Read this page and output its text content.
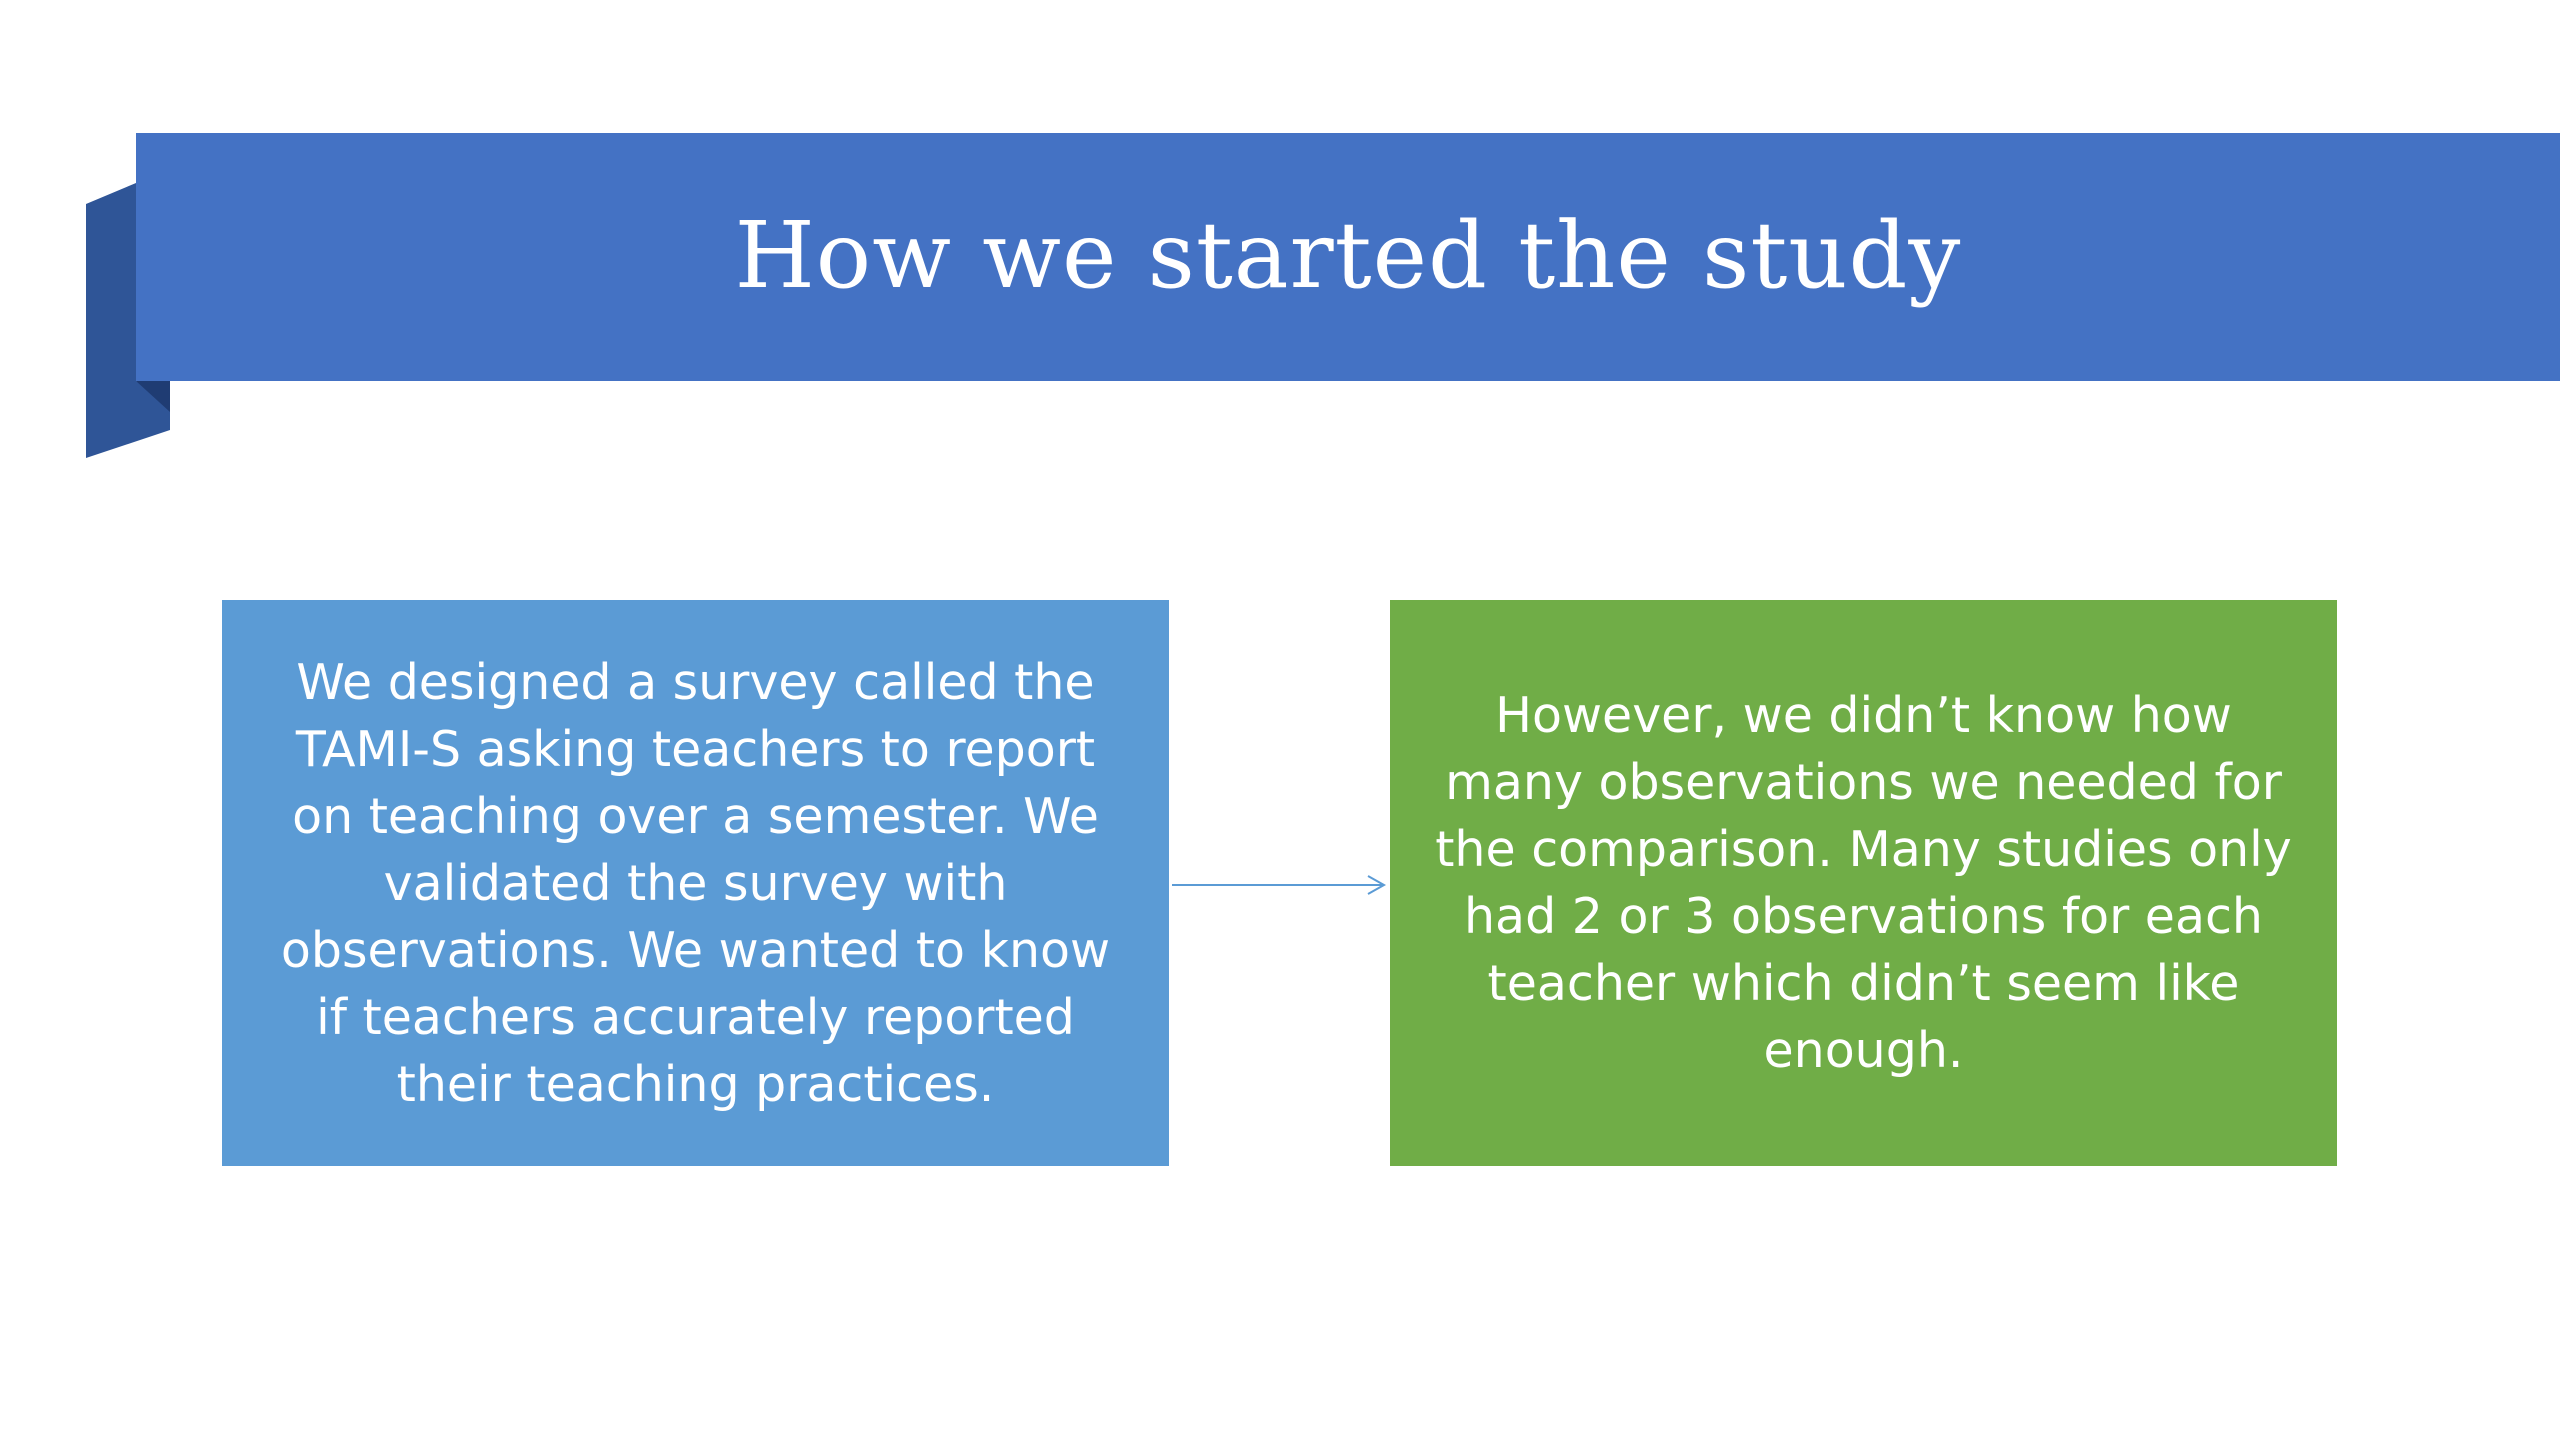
How we started the study

We designed a survey called the TAMI-S asking teachers to report on teaching over a semester. We validated the survey with observations. We wanted to know if teachers accurately reported their teaching practices.

However, we didn’t know how many observations we needed for the comparison. Many studies only had 2 or 3 observations for each teacher which didn’t seem like enough.
